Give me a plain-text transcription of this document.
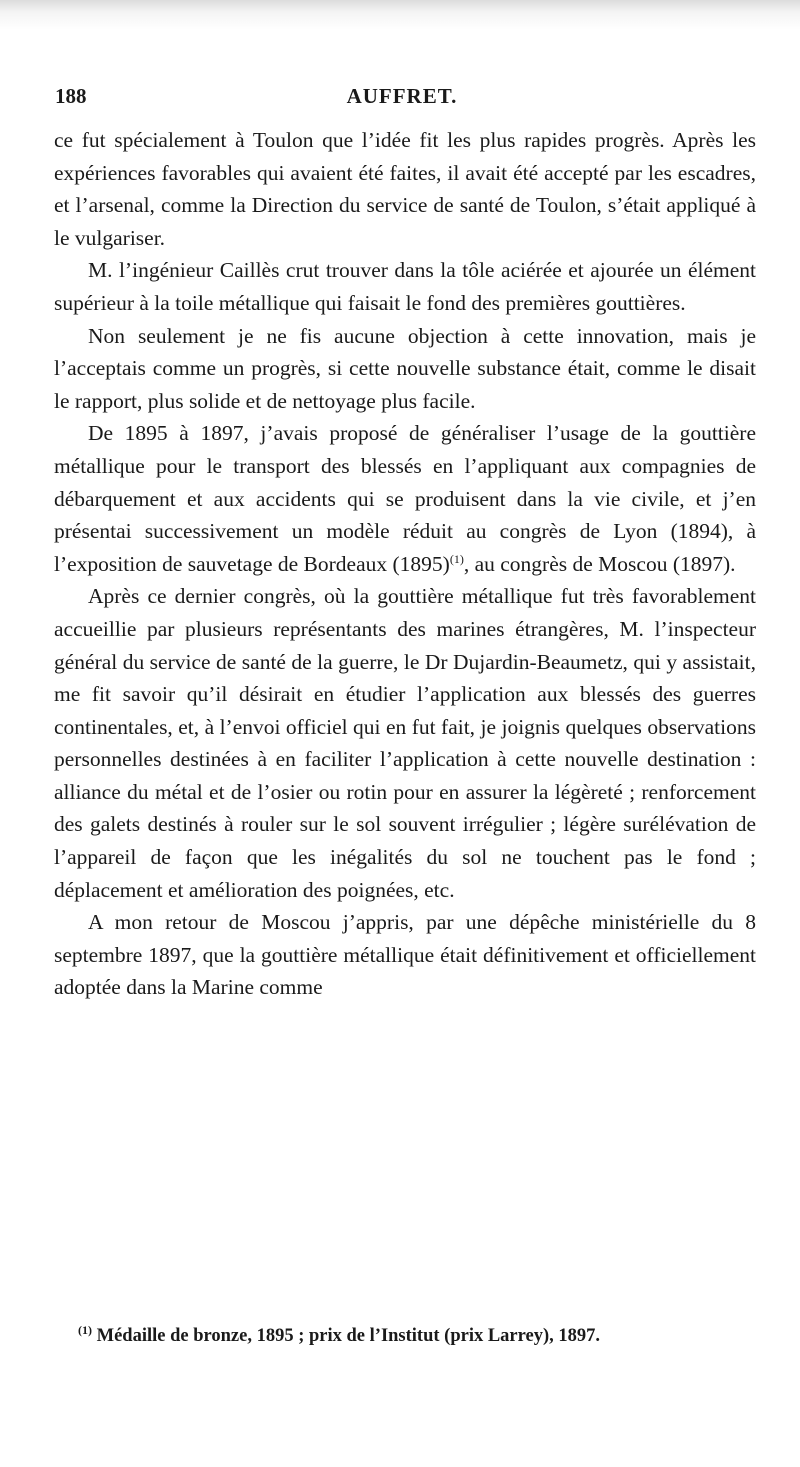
188	AUFFRET.

ce fut spécialement à Toulon que l’idée fit les plus rapides progrès. Après les expériences favorables qui avaient été faites, il avait été accepté par les escadres, et l’arsenal, comme la Direction du service de santé de Toulon, s’était appliqué à le vulgariser.

M. l’ingénieur Caillès crut trouver dans la tôle aciérée et ajourée un élément supérieur à la toile métallique qui faisait le fond des premières gouttières.

Non seulement je ne fis aucune objection à cette innovation, mais je l’acceptais comme un progrès, si cette nouvelle substance était, comme le disait le rapport, plus solide et de nettoyage plus facile.

De 1895 à 1897, j’avais proposé de généraliser l’usage de la gouttière métallique pour le transport des blessés en l’appliquant aux compagnies de débarquement et aux accidents qui se produisent dans la vie civile, et j’en présentai successivement un modèle réduit au congrès de Lyon (1894), à l’exposition de sauvetage de Bordeaux $(1895)^{(1)}$, au congrès de Moscou (1897).

Après ce dernier congrès, où la gouttière métallique fut très favorablement accueillie par plusieurs représentants des marines étrangères, M. l’inspecteur général du service de santé de la guerre, le Dr Dujardin-Beaumetz, qui y assistait, me fit savoir qu’il désirait en étudier l’application aux blessés des guerres continentales, et, à l’envoi officiel qui en fut fait, je joignis quelques observations personnelles destinées à en faciliter l’application à cette nouvelle destination : alliance du métal et de l’osier ou rotin pour en assurer la légèreté ; renforcement des galets destinés à rouler sur le sol souvent irrégulier ; légère surélévation de l’appareil de façon que les inégalités du sol ne touchent pas le fond ; déplacement et amélioration des poignées, etc.

A mon retour de Moscou j’appris, par une dépêche ministérielle du 8 septembre 1897, que la gouttière métallique était définitivement et officiellement adoptée dans la Marine comme

$^{(1)}$ Médaille de bronze, 1895 ; prix de l’Institut (prix Larrey), 1897.
